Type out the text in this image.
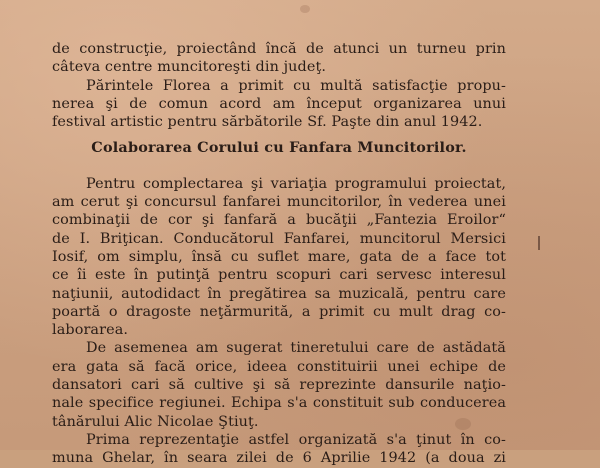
de construcţie, proiectând încă de atunci un turneu prin
câteva centre muncitoreşti din judeţ.
Părintele Florea a primit cu multă satisfacţie propu-
nerea şi de comun acord am început organizarea unui
festival artistic pentru sărbătorile Sf. Paşte din anul 1942.
Colaborarea Corului cu Fanfara Muncitorilor.
Pentru complectarea şi variaţia programului proiectat,
am cerut şi concursul fanfarei muncitorilor, în vederea unei
combinaţii de cor şi fanfară a bucăţii „Fantezia Eroilor“
de I. Briţican. Conducătorul Fanfarei, muncitorul Mersici
Iosif, om simplu, însă cu suflet mare, gata de a face tot
ce îi este în putinţă pentru scopuri cari servesc interesul
naţiunii, autodidact în pregătirea sa muzicală, pentru care
poartă o dragoste neţărmurită, a primit cu mult drag co-
laborarea.
De asemenea am sugerat tineretului care de astădată
era gata să facă orice, ideea constituirii unei echipe de
dansatori cari să cultive şi să reprezinte dansurile naţio-
nale specifice regiunei. Echipa s'a constituit sub conducerea
tânărului Alic Nicolae Ştiuţ.
Prima reprezentaţie astfel organizată s'a ţinut în co-
muna Ghelar, în seara zilei de 6 Aprilie 1942 (a doua zi
